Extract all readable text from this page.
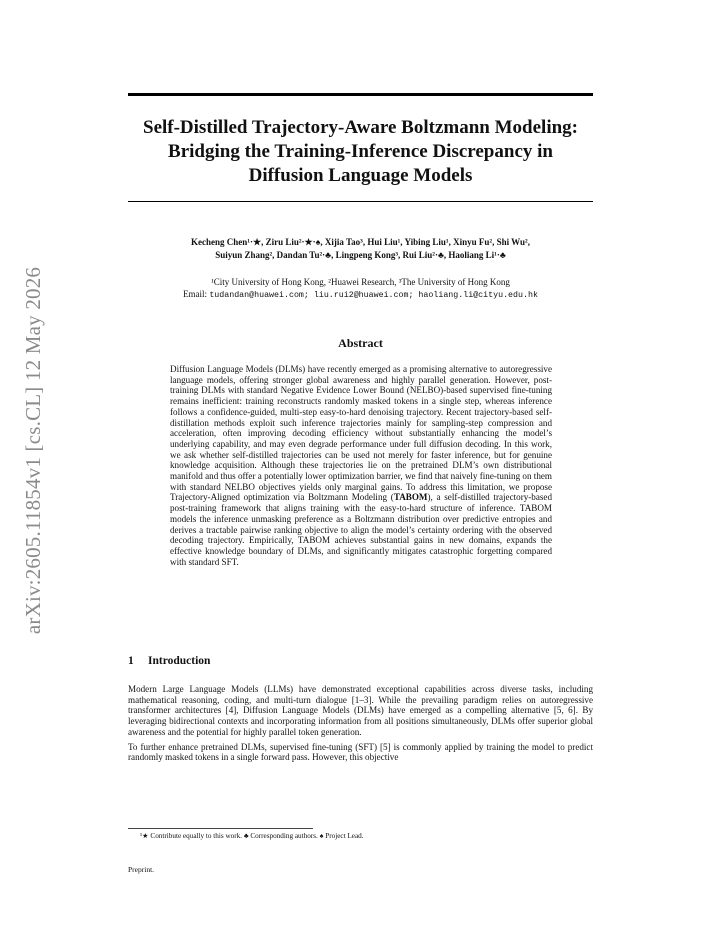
arXiv:2605.11854v1 [cs.CL] 12 May 2026
Self-Distilled Trajectory-Aware Boltzmann Modeling:
Bridging the Training-Inference Discrepancy in
Diffusion Language Models
Kecheng Chen¹·★, Ziru Liu²·★·♠, Xijia Tao³, Hui Liu¹, Yibing Liu¹, Xinyu Fu², Shi Wu²,
Suiyun Zhang², Dandan Tu²·♣, Lingpeng Kong³, Rui Liu²·♣, Haoliang Li¹·♣
¹City University of Hong Kong, ²Huawei Research, ³The University of Hong Kong
Email: tudandan@huawei.com; liu.rui2@huawei.com; haoliang.li@cityu.edu.hk
Abstract

Diffusion Language Models (DLMs) have recently emerged as a promising alternative to autoregressive language models, offering stronger global awareness and highly parallel generation. However, post-training DLMs with standard Negative Evidence Lower Bound (NELBO)-based supervised fine-tuning remains inefficient: training reconstructs randomly masked tokens in a single step, whereas inference follows a confidence-guided, multi-step easy-to-hard denoising trajectory. Recent trajectory-based self-distillation methods exploit such inference trajectories mainly for sampling-step compression and acceleration, often improving decoding efficiency without substantially enhancing the model’s underlying capability, and may even degrade performance under full diffusion decoding. In this work, we ask whether self-distilled trajectories can be used not merely for faster inference, but for genuine knowledge acquisition. Although these trajectories lie on the pretrained DLM’s own distributional manifold and thus offer a potentially lower optimization barrier, we find that naively fine-tuning on them with standard NELBO objectives yields only marginal gains. To address this limitation, we propose Trajectory-Aligned optimization via Boltzmann Modeling (TABOM), a self-distilled trajectory-based post-training framework that aligns training with the easy-to-hard structure of inference. TABOM models the inference unmasking preference as a Boltzmann distribution over predictive entropies and derives a tractable pairwise ranking objective to align the model’s certainty ordering with the observed decoding trajectory. Empirically, TABOM achieves substantial gains in new domains, expands the effective knowledge boundary of DLMs, and significantly mitigates catastrophic forgetting compared with standard SFT.

1 Introduction

Modern Large Language Models (LLMs) have demonstrated exceptional capabilities across diverse tasks, including mathematical reasoning, coding, and multi-turn dialogue [1–3]. While the prevailing paradigm relies on autoregressive transformer architectures [4], Diffusion Language Models (DLMs) have emerged as a compelling alternative [5, 6]. By leveraging bidirectional contexts and incorporating information from all positions simultaneously, DLMs offer superior global awareness and the potential for highly parallel token generation.

To further enhance pretrained DLMs, supervised fine-tuning (SFT) [5] is commonly applied by training the model to predict randomly masked tokens in a single forward pass. However, this objective

¹★ Contribute equally to this work. ♣ Corresponding authors. ♠ Project Lead.
Preprint.
